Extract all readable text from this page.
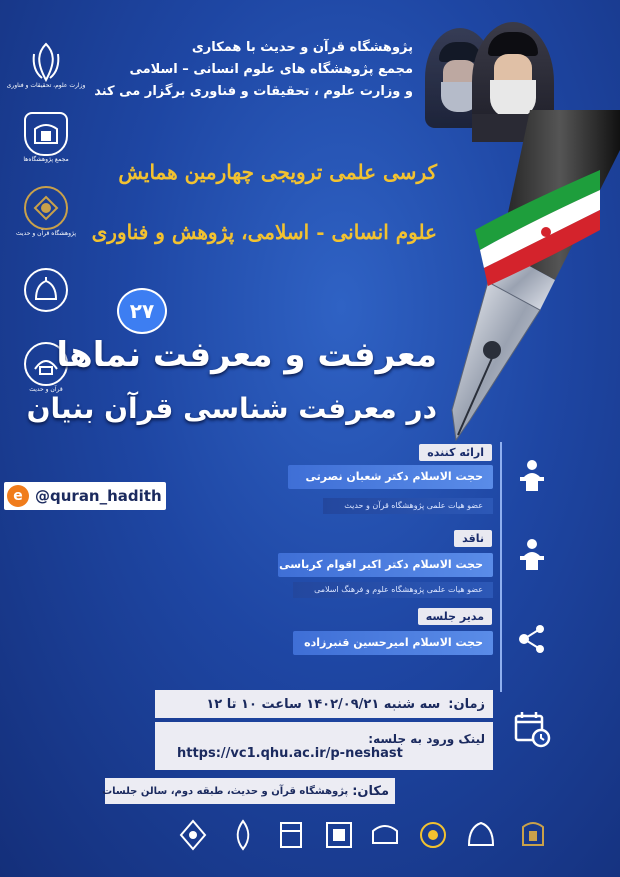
وزارت علوم، تحقیقات و فناوری
مجمع پژوهشگاه‌ها
پژوهشگاه قرآن و حدیث
قرآن و حدیث
پژوهشگاه قرآن و حدیث با همکاری
مجمع پژوهشگاه های علوم انسانی – اسلامی
و وزارت علوم ، تحقیقات و فناوری برگزار می کند
کرسی علمی ترویجی چهارمین همایش
علوم انسانی - اسلامی، پژوهش و فناوری
۲۷
معرفت و معرفت نماها
در معرفت شناسی قرآن بنیان
e @quran_hadith
ارائه کننده
حجت الاسلام دکتر شعبان نصرتی
عضو هیات علمی پژوهشگاه قرآن و حدیث
ناقد
حجت الاسلام دکتر اکبر اقوام کرباسی
عضو هیات علمی پژوهشگاه علوم و فرهنگ اسلامی
مدیر جلسه
حجت الاسلام امیرحسین قنبرزاده
زمان:
سه شنبه ۱۴۰۲/۰۹/۲۱ ساعت ۱۰ تا ۱۲
لینک ورود به جلسه:
https://vc1.qhu.ac.ir/p-neshast
مکان:
پژوهشگاه قرآن و حدیث، طبقه دوم، سالن جلسات
